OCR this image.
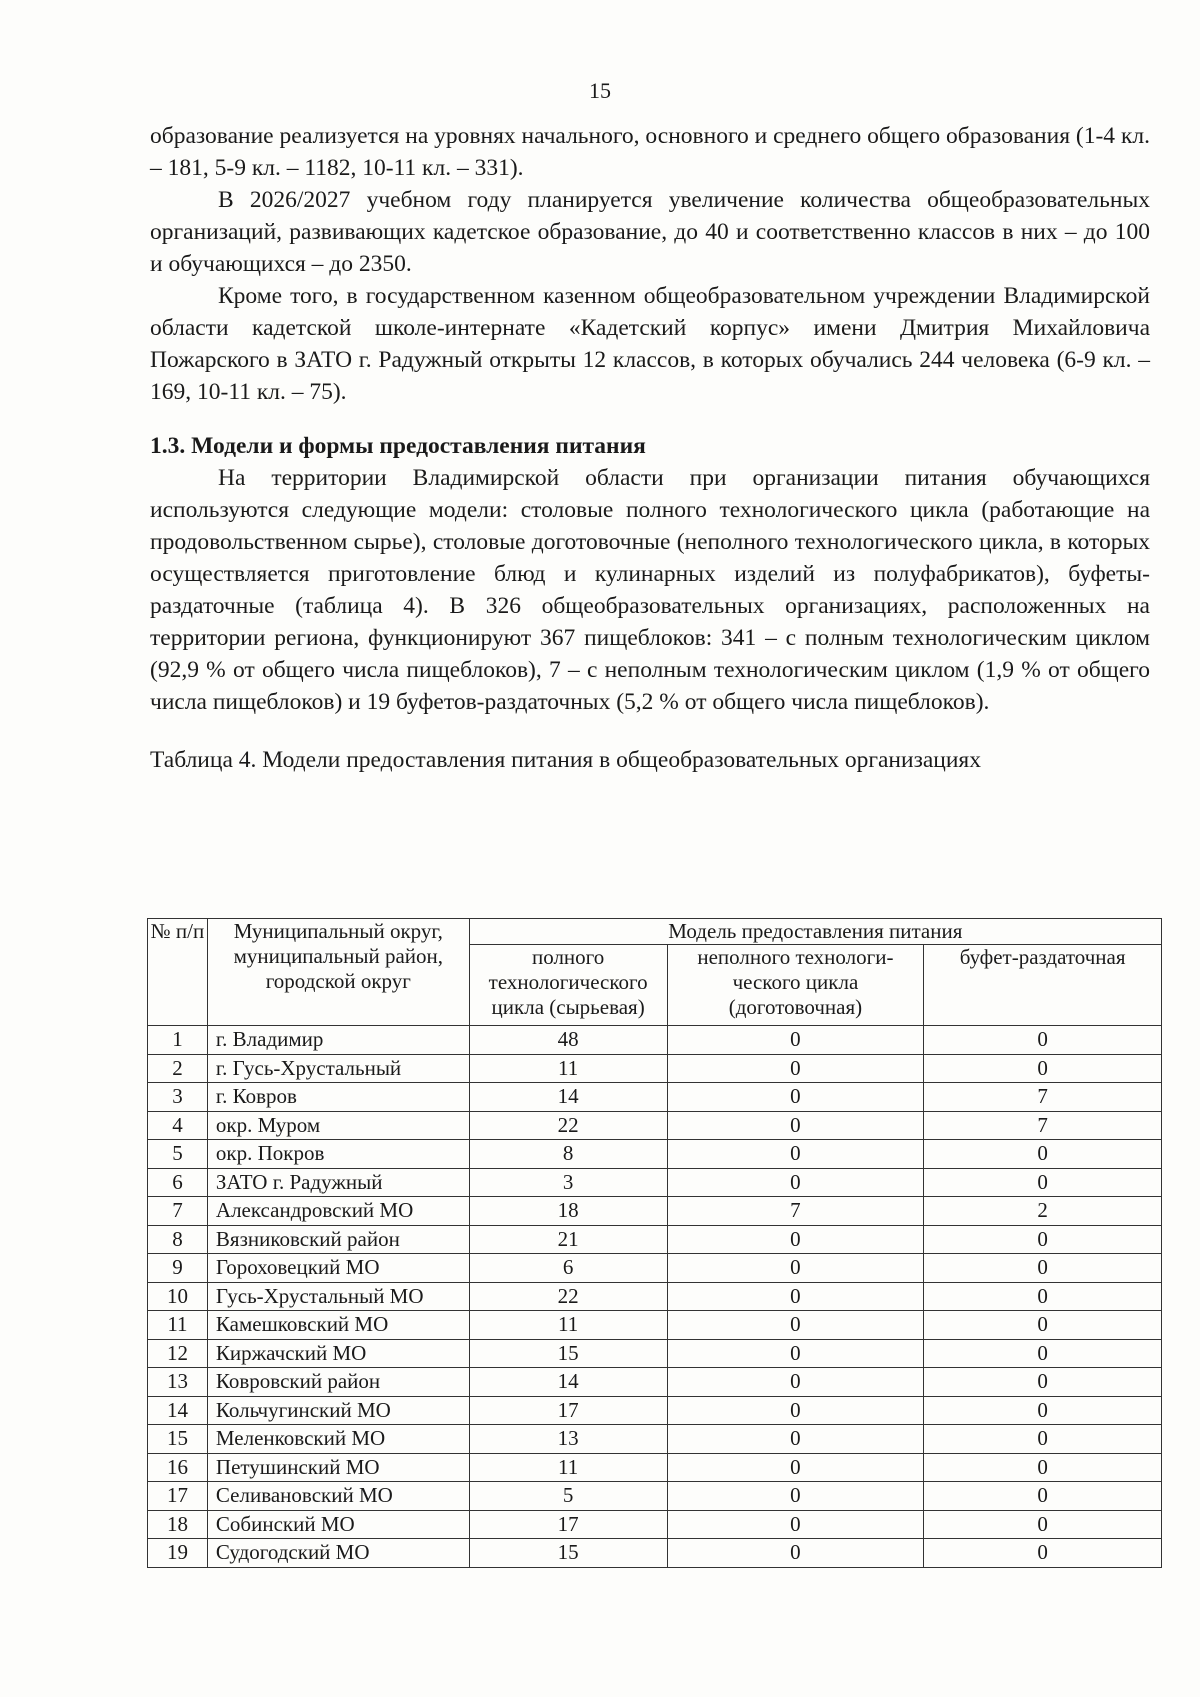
15

образование реализуется на уровнях начального, основного и среднего общего образования (1-4 кл. – 181, 5-9 кл. – 1182, 10-11 кл. – 331).

В 2026/2027 учебном году планируется увеличение количества общеобразовательных организаций, развивающих кадетское образование, до 40 и соответственно классов в них – до 100 и обучающихся – до 2350.

Кроме того, в государственном казенном общеобразовательном учреждении Владимирской области кадетской школе-интернате «Кадетский корпус» имени Дмитрия Михайловича Пожарского в ЗАТО г. Радужный открыты 12 классов, в которых обучались 244 человека (6-9 кл. – 169, 10-11 кл. – 75).

1.3. Модели и формы предоставления питания

На территории Владимирской области при организации питания обучающихся используются следующие модели: столовые полного технологического цикла (работающие на продовольственном сырье), столовые доготовочные (неполного технологического цикла, в которых осуществляется приготовление блюд и кулинарных изделий из полуфабрикатов), буфеты-раздаточные (таблица 4). В 326 общеобразовательных организациях, расположенных на территории региона, функционируют 367 пищеблоков: 341 – с полным технологическим циклом (92,9 % от общего числа пищеблоков), 7 – с неполным технологическим циклом (1,9 % от общего числа пищеблоков) и 19 буфетов-раздаточных (5,2 % от общего числа пищеблоков).

Таблица 4. Модели предоставления питания в общеобразовательных организациях

№ п/п	Муниципальный округ, муниципальный район, городской округ	Модель предоставления питания		
		полного технологического цикла (сырьевая)	неполного технологи-ческого цикла (доготовочная)	буфет-раздаточная
1	г. Владимир	48	0	0
2	г. Гусь-Хрустальный	11	0	0
3	г. Ковров	14	0	7
4	окр. Муром	22	0	7
5	окр. Покров	8	0	0
6	ЗАТО г. Радужный	3	0	0
7	Александровский МО	18	7	2
8	Вязниковский район	21	0	0
9	Гороховецкий МО	6	0	0
10	Гусь-Хрустальный МО	22	0	0
11	Камешковский МО	11	0	0
12	Киржачский МО	15	0	0
13	Ковровский район	14	0	0
14	Кольчугинский МО	17	0	0
15	Меленковский МО	13	0	0
16	Петушинский МО	11	0	0
17	Селивановский МО	5	0	0
18	Собинский МО	17	0	0
19	Судогодский МО	15	0	0
